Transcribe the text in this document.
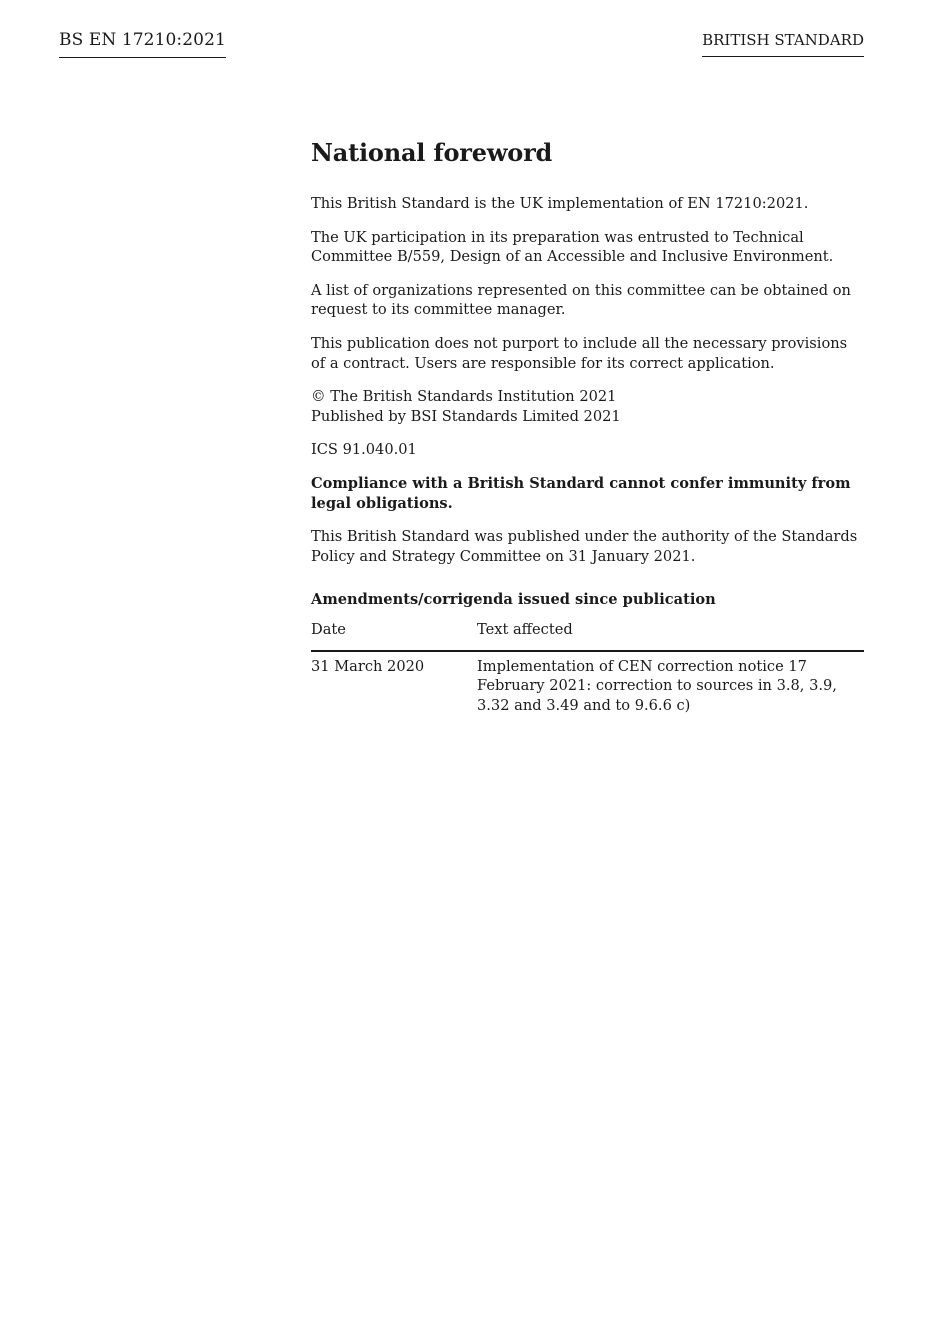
BS EN 17210:2021	BRITISH STANDARD
National foreword

This British Standard is the UK implementation of EN 17210:2021.

The UK participation in its preparation was entrusted to Technical Committee B/559, Design of an Accessible and Inclusive Environment.

A list of organizations represented on this committee can be obtained on request to its committee manager.

This publication does not purport to include all the necessary provisions of a contract. Users are responsible for its correct application.

© The British Standards Institution 2021
Published by BSI Standards Limited 2021

ICS 91.040.01

Compliance with a British Standard cannot confer immunity from legal obligations.

This British Standard was published under the authority of the Standards Policy and Strategy Committee on 31 January 2021.

Amendments/corrigenda issued since publication
Date	Text affected
31 March 2020	Implementation of CEN correction notice 17 February 2021: correction to sources in 3.8, 3.9, 3.32 and 3.49 and to 9.6.6 c)
